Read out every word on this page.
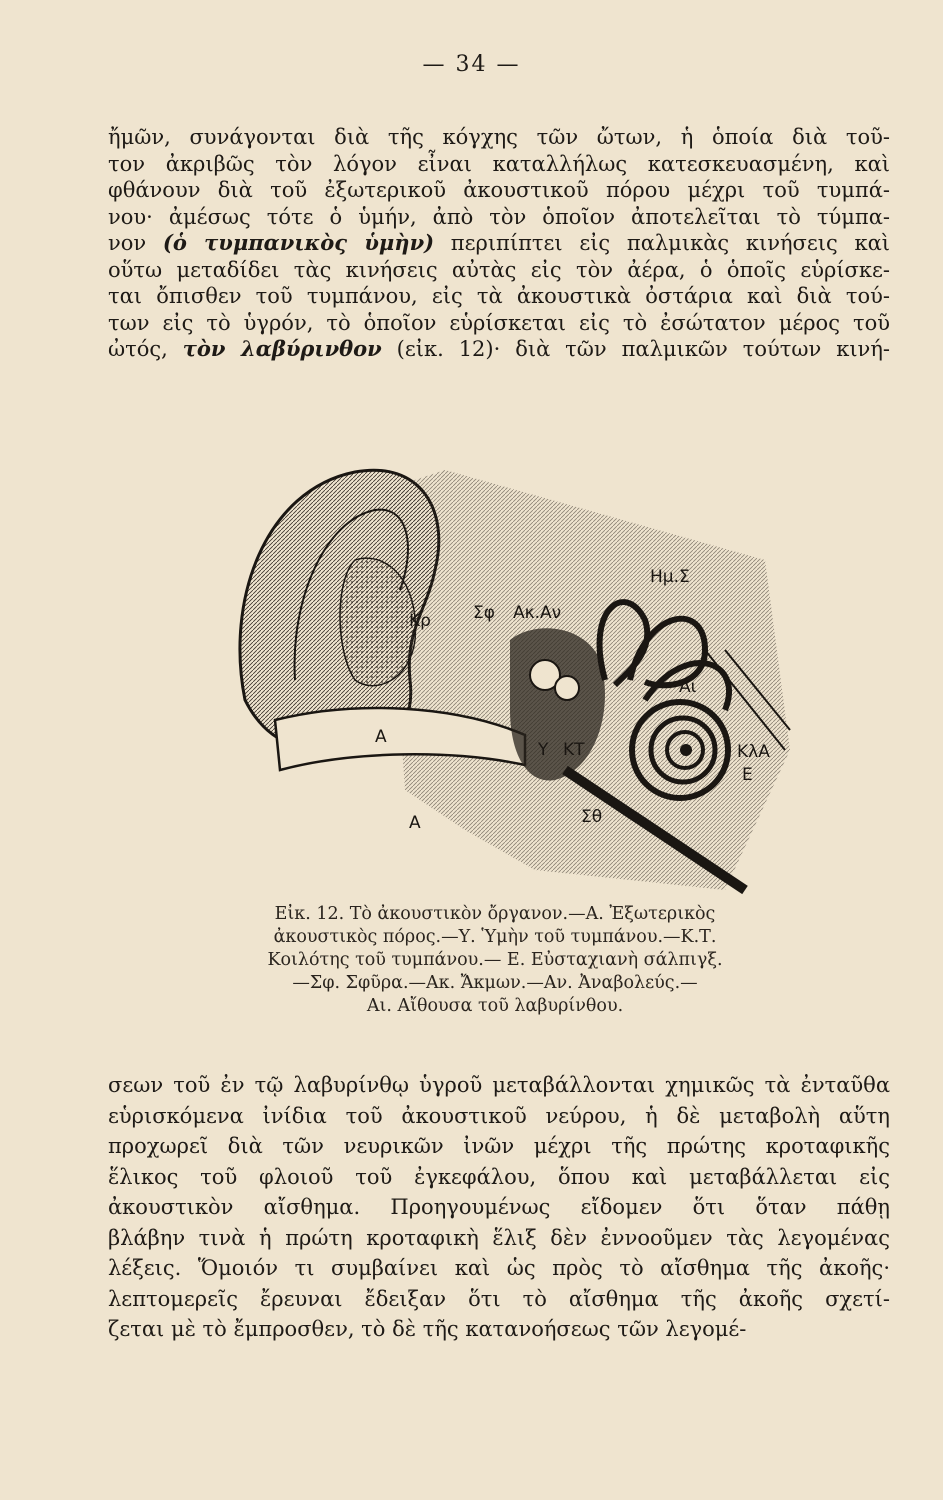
— 34 —
ἤμῶν, συνάγονται διὰ τῆς κόγχης τῶν ὤτων, ἡ ὁποία διὰ τοῦ-
τον ἀκριβῶς τὸν λόγον εἶναι καταλλήλως κατεσκευασμένη, καὶ
φθάνουν διὰ τοῦ ἐξωτερικοῦ ἀκουστικοῦ πόρου μέχρι τοῦ τυμπά-
νου· ἀμέσως τότε ὁ ὑμήν, ἀπὸ τὸν ὁποῖον ἀποτελεῖται τὸ τύμπα-
νον (ὁ τυμπανικὸς ὑμὴν) περιπίπτει εἰς παλμικὰς κινήσεις καὶ
οὕτω μεταδίδει τὰς κινήσεις αὐτὰς εἰς τὸν ἀέρα, ὁ ὁποῖς εὑρίσκε-
ται ὄπισθεν τοῦ τυμπάνου, εἰς τὰ ἀκουστικὰ ὀστάρια καὶ διὰ τού-
των εἰς τὸ ὑγρόν, τὸ ὁποῖον εὑρίσκεται εἰς τὸ ἐσώτατον μέρος τοῦ
ὠτός, τὸν λαβύρινθον (εἰκ. 12)· διὰ τῶν παλμικῶν τούτων κινή-
Κρ Σφ Ακ.Αν
Ημ.Σ
Αι
Α
Υ ΚΤ	ΚλΑ
Ε
Σθ
Α
Εἰκ. 12. Τὸ ἀκουστικὸν ὄργανον.—Α. Ἐξωτερικὸς
ἀκουστικὸς πόρος.—Υ. Ὑμὴν τοῦ τυμπάνου.—Κ.Τ.
Κοιλότης τοῦ τυμπάνου.— Ε. Εὐσταχιανὴ σάλπιγξ.
—Σφ. Σφῦρα.—Ακ. Ἄκμων.—Αν. Ἀναβολεύς.—
Αι. Αἴθουσα τοῦ λαβυρίνθου.
σεων τοῦ ἐν τῷ λαβυρίνθῳ ὑγροῦ μεταβάλλονται χημικῶς τὰ ἐνταῦθα
εὑρισκόμενα ἰνίδια τοῦ ἀκουστικοῦ νεύρου, ἡ δὲ μεταβολὴ αὕτη
προχωρεῖ διὰ τῶν νευρικῶν ἰνῶν μέχρι τῆς πρώτης κροταφικῆς
ἕλικος τοῦ φλοιοῦ τοῦ ἐγκεφάλου, ὅπου καὶ μεταβάλλεται εἰς
ἀκουστικὸν αἴσθημα. Προηγουμένως εἴδομεν ὅτι ὅταν πάθῃ
βλάβην τινὰ ἡ πρώτη κροταφικὴ ἕλιξ δὲν ἐννοοῦμεν τὰς λεγομένας
λέξεις. Ὅμοιόν τι συμβαίνει καὶ ὡς πρὸς τὸ αἴσθημα τῆς ἀκοῆς·
λεπτομερεῖς ἔρευναι ἔδειξαν ὅτι τὸ αἴσθημα τῆς ἀκοῆς σχετί-
ζεται μὲ τὸ ἔμπροσθεν, τὸ δὲ τῆς κατανοήσεως τῶν λεγομέ-
